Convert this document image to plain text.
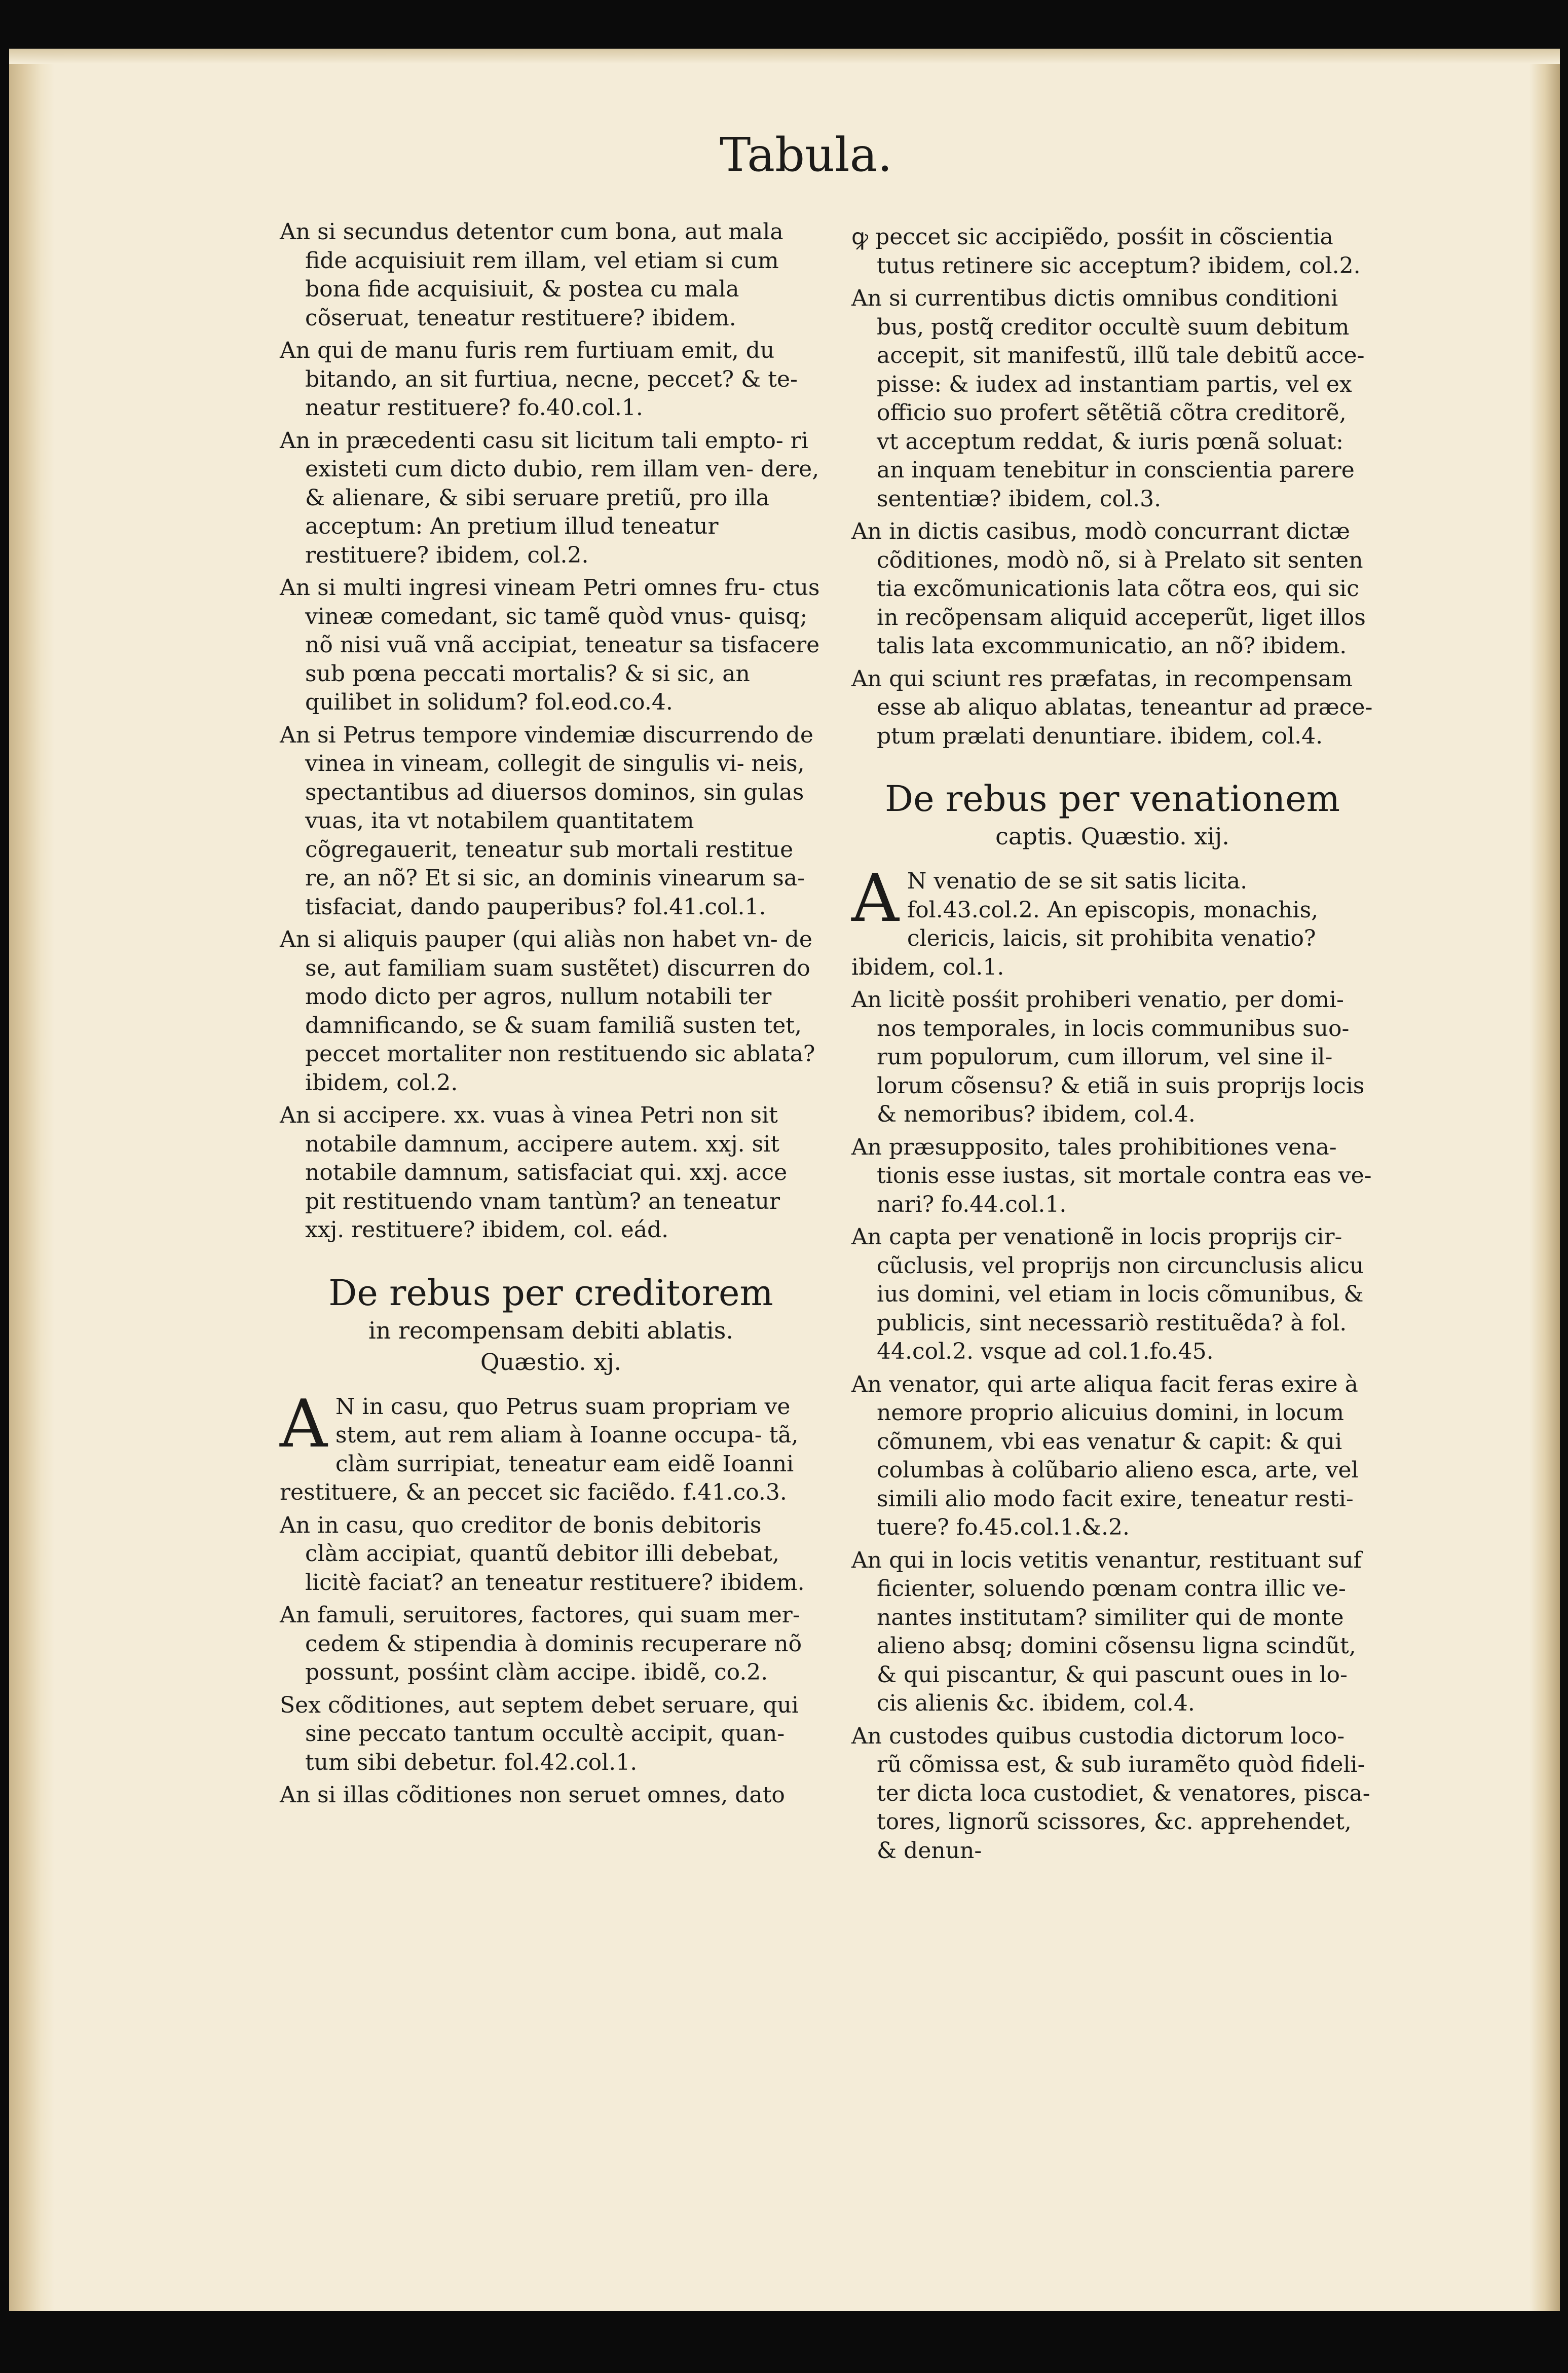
Tabula.

An si secundus detentor cum bona, aut mala fide acquisiuit rem illam, vel etiam si cum bona fide acquisiuit, & postea cu mala cõseruat, teneatur restituere? ibidem.

An qui de manu furis rem furtiuam emit, du bitando, an sit furtiua, necne, peccet? & te- neatur restituere? fo.40.col.1.

An in præcedenti casu sit licitum tali empto- ri existeti cum dicto dubio, rem illam ven- dere, & alienare, & sibi seruare pretiũ, pro illa acceptum: An pretium illud teneatur restituere? ibidem, col.2.

An si multi ingresi vineam Petri omnes fru- ctus vineæ comedant, sic tamẽ quòd vnus- quisq; nõ nisi vuã vnã accipiat, teneatur sa tisfacere sub pœna peccati mortalis? & si sic, an quilibet in solidum? fol.eod.co.4.

An si Petrus tempore vindemiæ discurrendo de vinea in vineam, collegit de singulis vi- neis, spectantibus ad diuersos dominos, sin gulas vuas, ita vt notabilem quantitatem cõgregauerit, teneatur sub mortali restitue re, an nõ? Et si sic, an dominis vinearum sa- tisfaciat, dando pauperibus? fol.41.col.1.

An si aliquis pauper (qui aliàs non habet vn- de se, aut familiam suam sustẽtet) discurren do modo dicto per agros, nullum notabili ter damnificando, se & suam familiã susten tet, peccet mortaliter non restituendo sic ablata? ibidem, col.2.

An si accipere. xx. vuas à vinea Petri non sit notabile damnum, accipere autem. xxj. sit notabile damnum, satisfaciat qui. xxj. acce pit restituendo vnam tantùm? an teneatur xxj. restituere? ibidem, col. eád.

De rebus per creditorem
in recompensam debiti ablatis.
Quæstio. xj.

A N in casu, quo Petrus suam propriam ve stem, aut rem aliam à Ioanne occupa- tã, clàm surripiat, teneatur eam eidẽ Ioanni restituere, & an peccet sic faciẽdo. f.41.co.3.

An in casu, quo creditor de bonis debitoris clàm accipiat, quantũ debitor illi debebat, licitè faciat? an teneatur restituere? ibidem.

An famuli, seruitores, factores, qui suam mer- cedem & stipendia à dominis recuperare nõ possunt, posśint clàm accipe. ibidẽ, co.2.

Sex cõditiones, aut septem debet seruare, qui sine peccato tantum occultè accipit, quan- tum sibi debetur. fol.42.col.1.

An si illas cõditiones non seruet omnes, dato

ꝙ peccet sic accipiẽdo, posśit in cõscientia tutus retinere sic acceptum? ibidem, col.2.

An si currentibus dictis omnibus conditioni bus, postq̃ creditor occultè suum debitum accepit, sit manifestũ, illũ tale debitũ acce- pisse: & iudex ad instantiam partis, vel ex officio suo profert sẽtẽtiã cõtra creditorẽ, vt acceptum reddat, & iuris pœnã soluat: an inquam tenebitur in conscientia parere sententiæ? ibidem, col.3.

An in dictis casibus, modò concurrant dictæ cõditiones, modò nõ, si à Prelato sit senten tia excõmunicationis lata cõtra eos, qui sic in recõpensam aliquid acceperũt, liget illos talis lata excommunicatio, an nõ? ibidem.

An qui sciunt res præfatas, in recompensam esse ab aliquo ablatas, teneantur ad præce- ptum prælati denuntiare. ibidem, col.4.

De rebus per venationem
captis. Quæstio. xij.

A N venatio de se sit satis licita. fol.43.col.2. An episcopis, monachis, clericis, laicis, sit prohibita venatio? ibidem, col.1.

An licitè posśit prohiberi venatio, per domi- nos temporales, in locis communibus suo- rum populorum, cum illorum, vel sine il- lorum cõsensu? & etiã in suis proprijs locis & nemoribus? ibidem, col.4.

An præsupposito, tales prohibitiones vena- tionis esse iustas, sit mortale contra eas ve- nari? fo.44.col.1.

An capta per venationẽ in locis proprijs cir- cũclusis, vel proprijs non circunclusis alicu ius domini, vel etiam in locis cõmunibus, & publicis, sint necessariò restituẽda? à fol. 44.col.2. vsque ad col.1.fo.45.

An venator, qui arte aliqua facit feras exire à nemore proprio alicuius domini, in locum cõmunem, vbi eas venatur & capit: & qui columbas à colũbario alieno esca, arte, vel simili alio modo facit exire, teneatur resti- tuere? fo.45.col.1.&.2.

An qui in locis vetitis venantur, restituant suf ficienter, soluendo pœnam contra illic ve- nantes institutam? similiter qui de monte alieno absq; domini cõsensu ligna scindũt, & qui piscantur, & qui pascunt oues in lo- cis alienis &c. ibidem, col.4.

An custodes quibus custodia dictorum loco- rũ cõmissa est, & sub iuramẽto quòd fideli- ter dicta loca custodiet, & venatores, pisca- tores, lignorũ scissores, &c. apprehendet, & denun-
